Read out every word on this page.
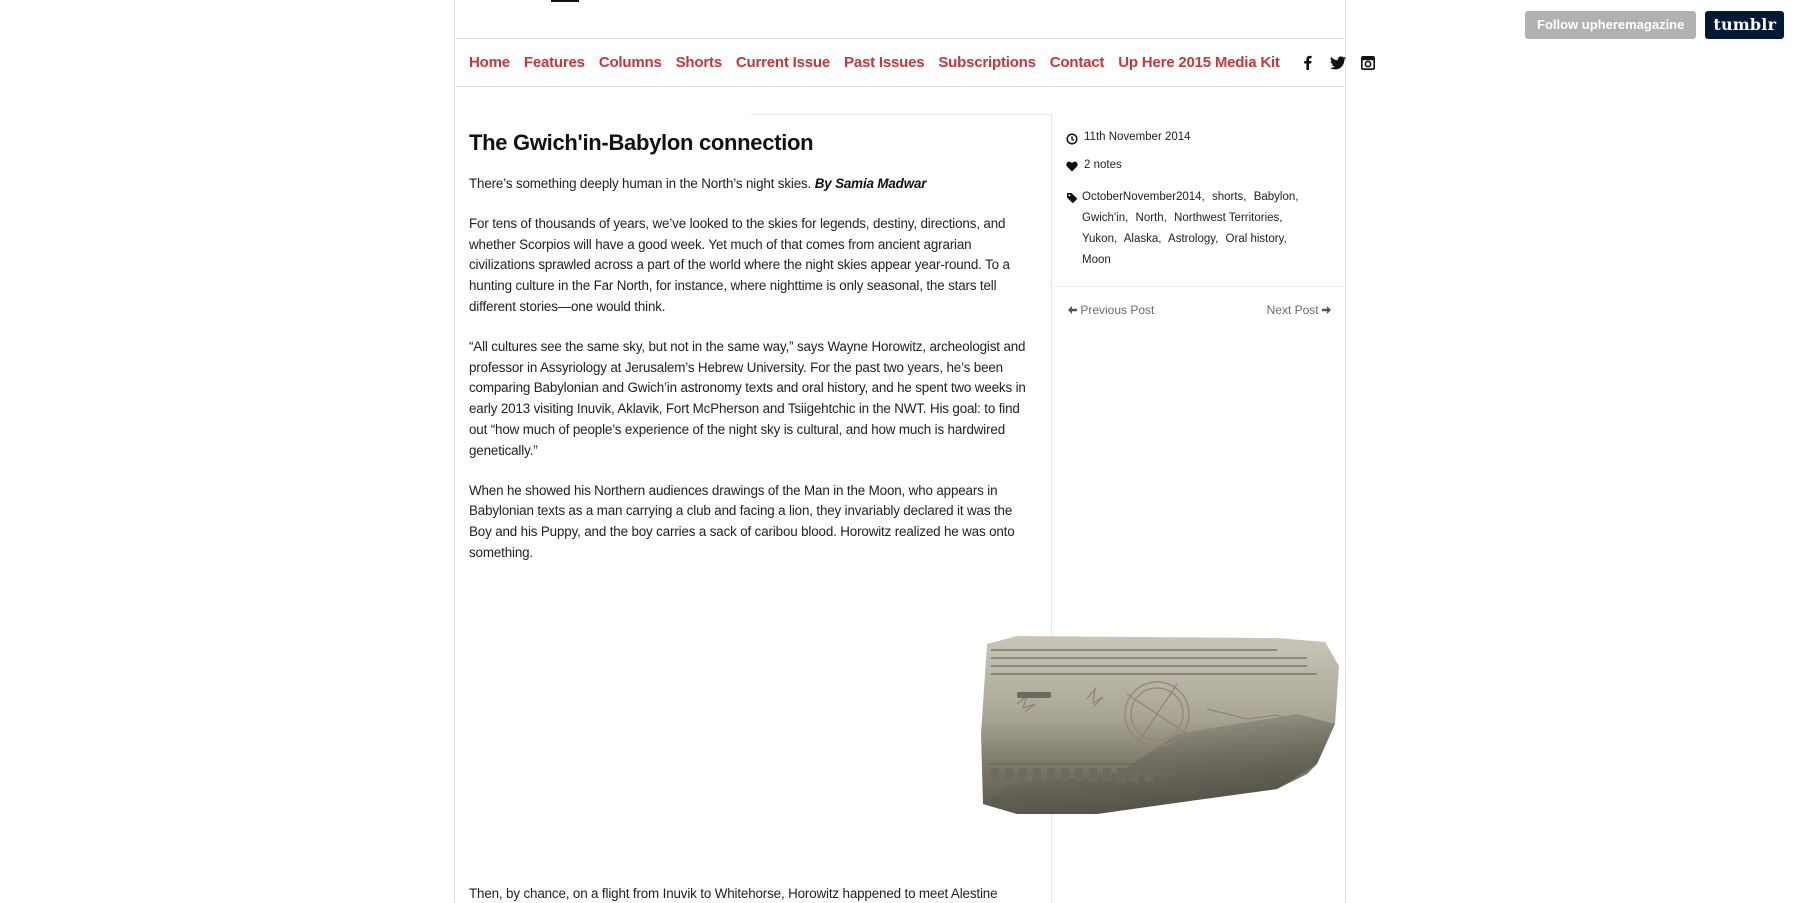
Follow upheremagazine	tumblr
Home Features Columns Shorts Current Issue Past Issues Subscriptions Contact Up Here 2015 Media Kit
The Gwich'in-Babylon connection

There’s something deeply human in the North’s night skies. By Samia Madwar

For tens of thousands of years, we’ve looked to the skies for legends, destiny, directions, and whether Scorpios will have a good week. Yet much of that comes from ancient agrarian civilizations sprawled across a part of the world where the night skies appear year-round. To a hunting culture in the Far North, for instance, where nighttime is only seasonal, the stars tell different stories—one would think.

“All cultures see the same sky, but not in the same way,” says Wayne Horowitz, archeologist and professor in Assyriology at Jerusalem’s Hebrew University. For the past two years, he’s been comparing Babylonian and Gwich’in astronomy texts and oral history, and he spent two weeks in early 2013 visiting Inuvik, Aklavik, Fort McPherson and Tsiigehtchic in the NWT. His goal: to find out “how much of people’s experience of the night sky is cultural, and how much is hardwired genetically.”

When he showed his Northern audiences drawings of the Man in the Moon, who appears in Babylonian texts as a man carrying a club and facing a lion, they invariably declared it was the Boy and his Puppy, and the boy carries a sack of caribou blood. Horowitz realized he was onto something.

Then, by chance, on a flight from Inuvik to Whitehorse, Horowitz happened to meet Alestine

11th November 2014
2 notes
OctoberNovember2014, shorts, Babylon, Gwich'in, North, Northwest Territories, Yukon, Alaska, Astrology, Oral history, Moon
Previous Post	Next Post
